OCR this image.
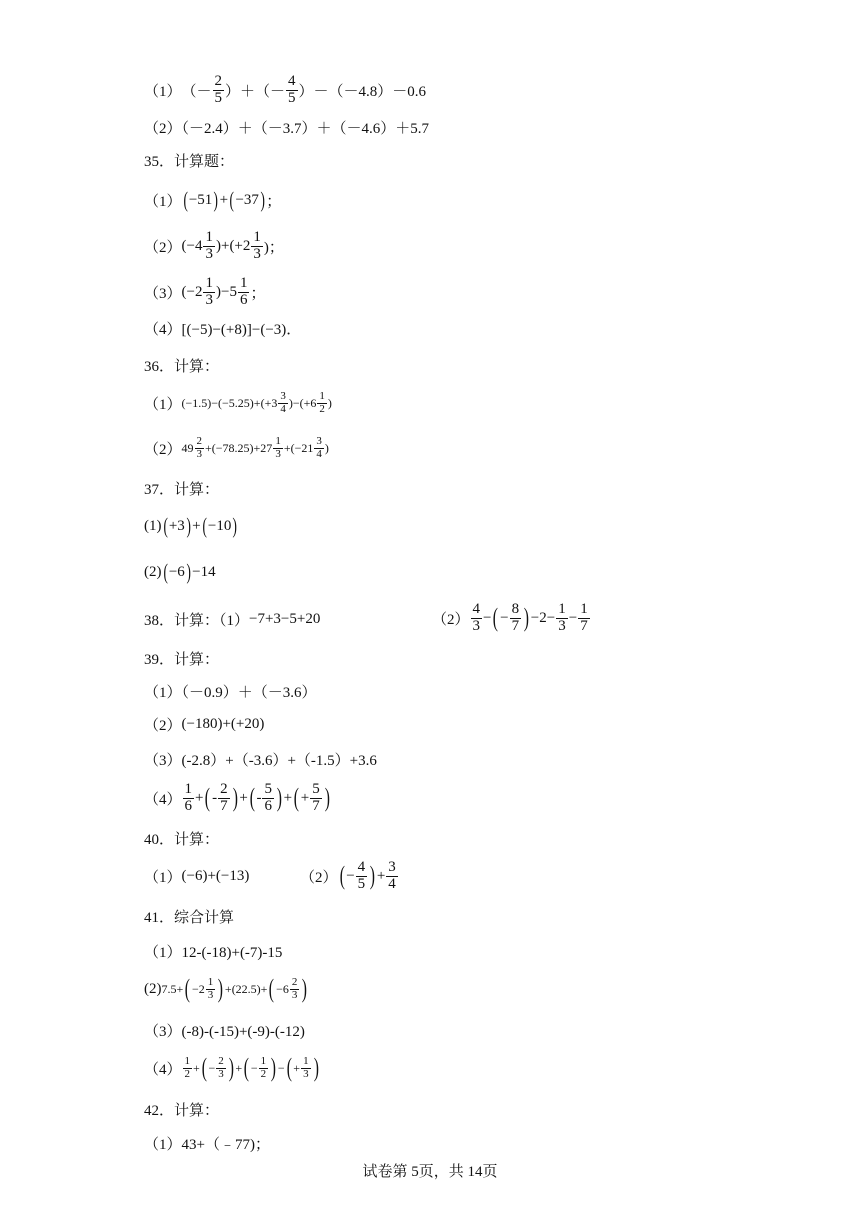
（1） （－ $\frac{2}{5}$ ）＋（－ $\frac{4}{5} )-(-4.8)-0.6$
（2）（－2.4）＋（－3.7）＋（－4.6）＋5.7
35．计算题：
（1） ( −51 ) + ( −37 ) ；
（2） $(-4 \frac{1}{3} )+(+2 \frac{1}{3}$ )；
（3） $(-2 \frac{1}{3} )-5 \frac{1}{6}$ ；
（4） [(−5)−(+8)]−(−3)．
36．计算：
（1） $(-1.5)-(-5.25)+(+3 \frac{3}{4} )-(+6 \frac{1}{2}$ )
（2） $49 \frac{2}{3} +(-78.25)+27 \frac{1}{3} +(-21 \frac{3}{4}$ )
37．计算：
(1) ( +3 ) + ( −10 )
(2) ( −6 ) −14
38．计算：（1） −7+3−5+20	$(2) \frac{4}{3}$ − ( − $\frac{8}{7}$ ) $-2- \frac{1}{3} - \frac{1}{7}$
39．计算：
（1）（－0.9）＋（－3.6）
（2） (−180)+(+20)
（3）(-2.8）+（-3.6）+（-1.5）+3.6
$(4) \frac{1}{6}$ + ( - $\frac{2}{7}$ ) + ( - $\frac{5}{6}$ ) + ( + $\frac{5}{7}$ )
40．计算：
（1） (−6)+(−13)	（2） ( − $\frac{4}{5}$ ) + $\frac{3}{4}$
41．综合计算
（1）12-(-18)+(-7)-15
(2) 7.5+ ( $-2 \frac{1}{3}$ ) + (22.5)+ ( $-6 \frac{2}{3}$ )
（3）(-8)-(-15)+(-9)-(-12)
$(4) \frac{1}{2}$ + ( − $\frac{2}{3}$ ) + ( − $\frac{1}{2}$ ) − ( + $\frac{1}{3}$ )
42．计算：
（1）43+（﹣77)；
试卷第 5页，共 14页
